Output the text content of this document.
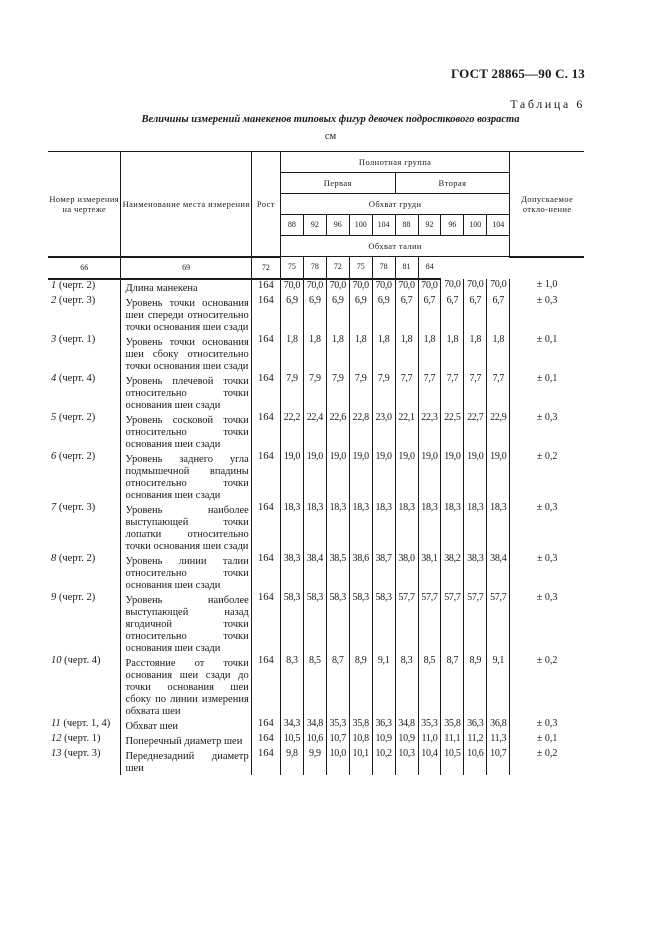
ГОСТ 28865—90 С. 13
Таблица 6
Величины измерений манекенов типовых фигур девочек подросткового возраста
см
Номер измерения на чертеже	Наименование места измерения	Рост	Полнотная группа										Допускаемое откло-нение
			Первая					Вторая					
			Обхват груди										
			88	92	96	100	104	88	92	96	100	104	
			Обхват талии										
66	69	72	75	78	72	75	78	81	84				
1 (черт. 2)	Длина манекена	164	70,0	70,0	70,0	70,0	70,0	70,0	70,0	70,0	70,0	70,0	± 1,0
2 (черт. 3)	Уровень точки основания шеи спереди относительно точки основания шеи сзади	164	6,9	6,9	6,9	6,9	6,9	6,7	6,7	6,7	6,7	6,7	± 0,3
3 (черт. 1)	Уровень точки основания шеи сбоку относительно точки основания шеи сзади	164	1,8	1,8	1,8	1,8	1,8	1,8	1,8	1,8	1,8	1,8	± 0,1
4 (черт. 4)	Уровень плечевой точки относительно точки основания шеи сзади	164	7,9	7,9	7,9	7,9	7,9	7,7	7,7	7,7	7,7	7,7	± 0,1
5 (черт. 2)	Уровень сосковой точки относительно точки основания шеи сзади	164	22,2	22,4	22,6	22,8	23,0	22,1	22,3	22,5	22,7	22,9	± 0,3
6 (черт. 2)	Уровень заднего угла подмышечной впадины относительно точки основания шеи сзади	164	19,0	19,0	19,0	19,0	19,0	19,0	19,0	19,0	19,0	19,0	± 0,2
7 (черт. 3)	Уровень наиболее выступающей точки лопатки относительно точки основания шеи сзади	164	18,3	18,3	18,3	18,3	18,3	18,3	18,3	18,3	18,3	18,3	± 0,3
8 (черт. 2)	Уровень линии талии относительно точки основания шеи сзади	164	38,3	38,4	38,5	38,6	38,7	38,0	38,1	38,2	38,3	38,4	± 0,3
9 (черт. 2)	Уровень наиболее выступающей назад ягодичной точки относительно точки основания шеи сзади	164	58,3	58,3	58,3	58,3	58,3	57,7	57,7	57,7	57,7	57,7	± 0,3
10 (черт. 4)	Расстояние от точки основания шеи сзади до точки основания шеи сбоку по линии измерения обхвата шеи	164	8,3	8,5	8,7	8,9	9,1	8,3	8,5	8,7	8,9	9,1	± 0,2
11 (черт. 1, 4)	Обхват шеи	164	34,3	34,8	35,3	35,8	36,3	34,8	35,3	35,8	36,3	36,8	± 0,3
12 (черт. 1)	Поперечный диаметр шеи	164	10,5	10,6	10,7	10,8	10,9	10,9	11,0	11,1	11,2	11,3	± 0,1
13 (черт. 3)	Переднезадний диаметр шеи	164	9,8	9,9	10,0	10,1	10,2	10,3	10,4	10,5	10,6	10,7	± 0,2
